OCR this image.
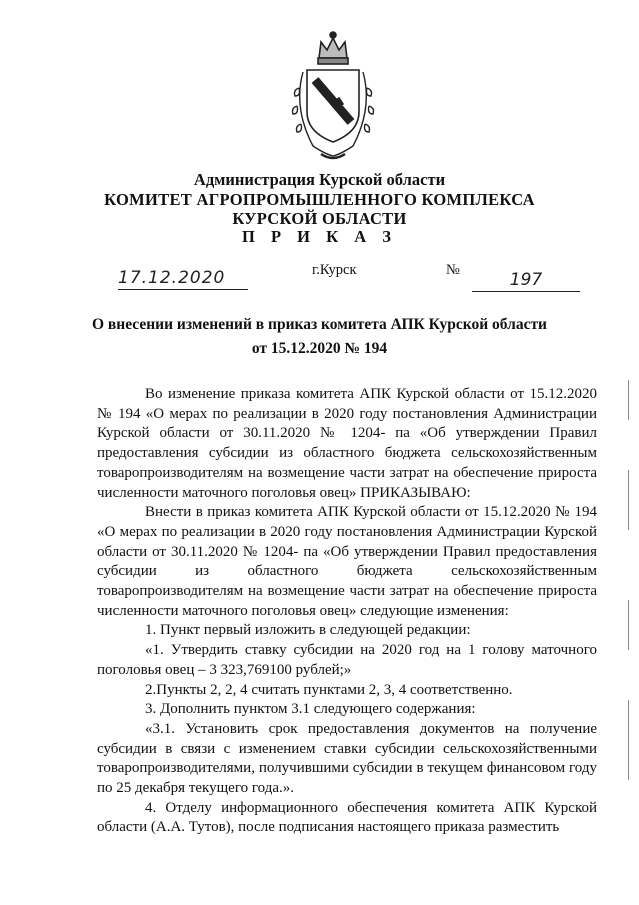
Администрация Курской области
КОМИТЕТ АГРОПРОМЫШЛЕННОГО КОМПЛЕКСА
КУРСКОЙ ОБЛАСТИ
П Р И К А З
17.12.2020	г.Курск	№	197
О внесении изменений в приказ комитета АПК Курской области
от 15.12.2020 № 194

Во изменение приказа комитета АПК Курской области от 15.12.2020 № 194 «О мерах по реализации в 2020 году постановления Администрации Курской области от 30.11.2020 № 1204- па «Об утверждении Правил предоставления субсидии из областного бюджета сельскохозяйственным товаропроизводителям на возмещение части затрат на обеспечение прироста численности маточного поголовья овец» ПРИКАЗЫВАЮ:

Внести в приказ комитета АПК Курской области от 15.12.2020 № 194 «О мерах по реализации в 2020 году постановления Администрации Курской области от 30.11.2020 № 1204- па «Об утверждении Правил предоставления субсидии из областного бюджета сельскохозяйственным товаропроизводителям на возмещение части затрат на обеспечение прироста численности маточного поголовья овец» следующие изменения:

1. Пункт первый изложить в следующей редакции:

«1. Утвердить ставку субсидии на 2020 год на 1 голову маточного поголовья овец – 3 323,769100 рублей;»

2.Пункты 2, 2, 4 считать пунктами 2, 3, 4 соответственно.

3. Дополнить пунктом 3.1 следующего содержания:

«3.1. Установить срок предоставления документов на получение субсидии в связи с изменением ставки субсидии сельскохозяйственными товаропроизводителями, получившими субсидии в текущем финансовом году по 25 декабря текущего года.».

4. Отделу информационного обеспечения комитета АПК Курской области (А.А. Тутов), после подписания настоящего приказа разместить
